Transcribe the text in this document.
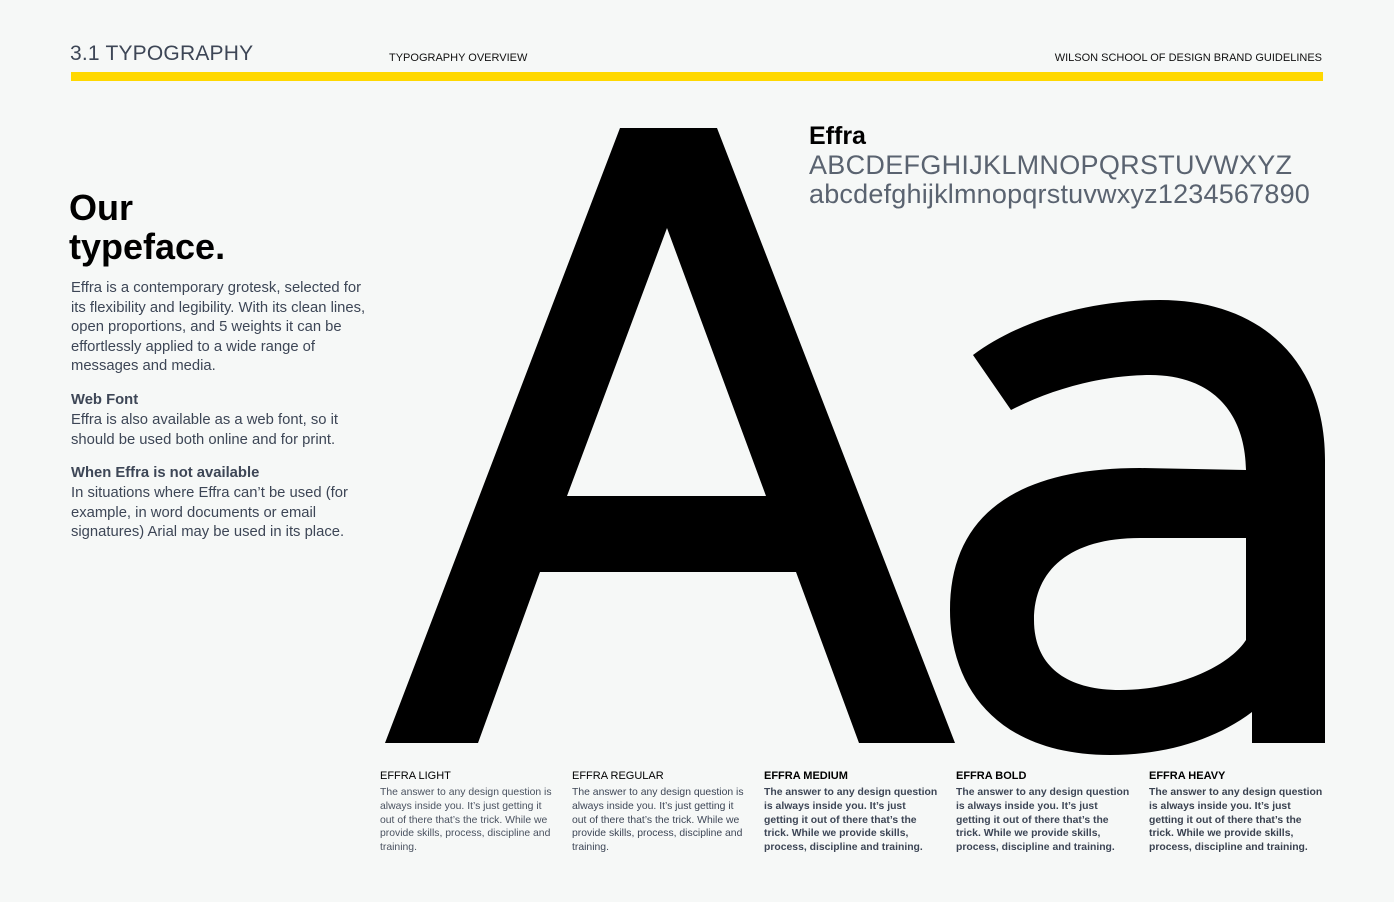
3.1 TYPOGRAPHY	TYPOGRAPHY OVERVIEW	WILSON SCHOOL OF DESIGN BRAND GUIDELINES
Our
typeface.
Effra is a contemporary grotesk, selected for its flexibility and legibility. With its clean lines, open proportions, and 5 weights it can be effortlessly applied to a wide range of messages and media.
Web Font
Effra is also available as a web font, so it should be used both online and for print.
When Effra is not available
In situations where Effra can’t be used (for example, in word documents or email signatures) Arial may be used in its place.
Effra
ABCDEFGHIJKLMNOPQRSTUVWXYZ
abcdefghijklmnopqrstuvwxyz1234567890
EFFRA LIGHT
The answer to any design question is always inside you. It’s just getting it out of there that’s the trick. While we provide skills, process, discipline and training.
EFFRA REGULAR
The answer to any design question is always inside you. It’s just getting it out of there that’s the trick. While we provide skills, process, discipline and training.
EFFRA MEDIUM
The answer to any design question is always inside you. It’s just getting it out of there that’s the trick. While we provide skills, process, discipline and training.
EFFRA BOLD
The answer to any design question is always inside you. It’s just getting it out of there that’s the trick. While we provide skills, process, discipline and training.
EFFRA HEAVY
The answer to any design question is always inside you. It’s just getting it out of there that’s the trick. While we provide skills, process, discipline and training.
